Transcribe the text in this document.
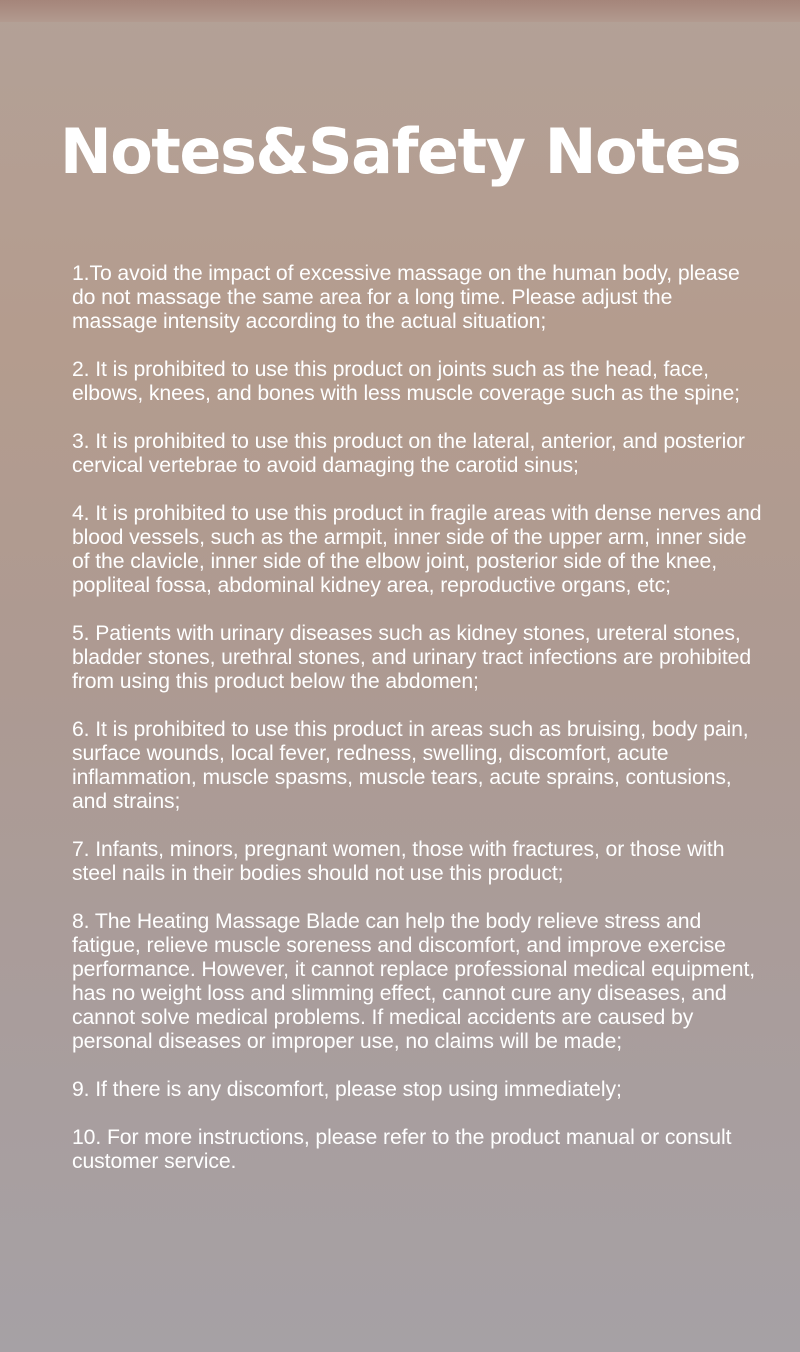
Notes&Safety Notes
1.To avoid the impact of excessive massage on the human body, please do not massage the same area for a long time. Please adjust the massage intensity according to the actual situation;
2. It is prohibited to use this product on joints such as the head, face, elbows, knees, and bones with less muscle coverage such as the spine;
3. It is prohibited to use this product on the lateral, anterior, and posterior cervical vertebrae to avoid damaging the carotid sinus;
4. It is prohibited to use this product in fragile areas with dense nerves and blood vessels, such as the armpit, inner side of the upper arm, inner side of the clavicle, inner side of the elbow joint, posterior side of the knee, popliteal fossa, abdominal kidney area, reproductive organs, etc;
5. Patients with urinary diseases such as kidney stones, ureteral stones, bladder stones, urethral stones, and urinary tract infections are prohibited from using this product below the abdomen;
6. It is prohibited to use this product in areas such as bruising, body pain, surface wounds, local fever, redness, swelling, discomfort, acute inflammation, muscle spasms, muscle tears, acute sprains, contusions, and strains;
7. Infants, minors, pregnant women, those with fractures, or those with steel nails in their bodies should not use this product;
8. The Heating Massage Blade can help the body relieve stress and fatigue, relieve muscle soreness and discomfort, and improve exercise performance. However, it cannot replace professional medical equipment, has no weight loss and slimming effect, cannot cure any diseases, and cannot solve medical problems. If medical accidents are caused by personal diseases or improper use, no claims will be made;
9. If there is any discomfort, please stop using immediately;
10. For more instructions, please refer to the product manual or consult customer service.
